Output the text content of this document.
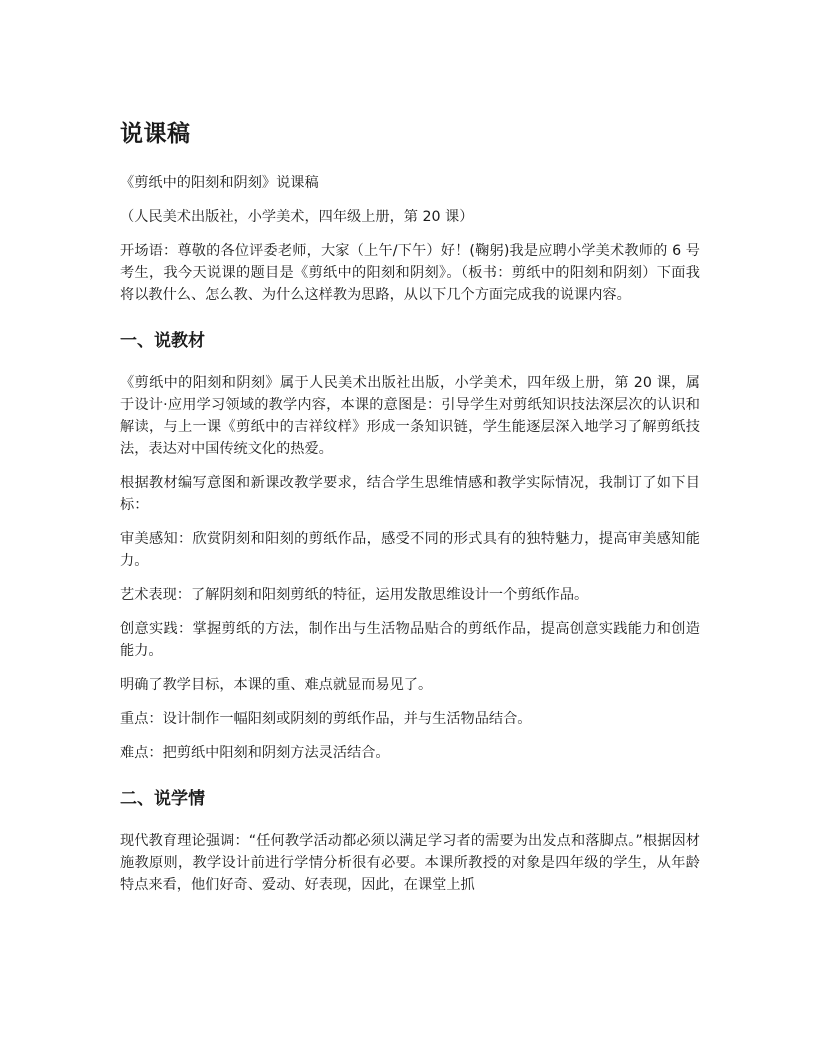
说课稿

《剪纸中的阳刻和阴刻》说课稿

（人民美术出版社，小学美术，四年级上册，第 20 课）

开场语：尊敬的各位评委老师，大家（上午/下午）好！(鞠躬)我是应聘小学美术教师的 6 号考生，我今天说课的题目是《剪纸中的阳刻和阴刻》。（板书：剪纸中的阳刻和阴刻）下面我将以教什么、怎么教、为什么这样教为思路，从以下几个方面完成我的说课内容。

一、说教材

《剪纸中的阳刻和阴刻》属于人民美术出版社出版，小学美术，四年级上册，第 20 课，属于设计·应用学习领域的教学内容，本课的意图是：引导学生对剪纸知识技法深层次的认识和解读，与上一课《剪纸中的吉祥纹样》形成一条知识链，学生能逐层深入地学习了解剪纸技法，表达对中国传统文化的热爱。

根据教材编写意图和新课改教学要求，结合学生思维情感和教学实际情况，我制订了如下目标：

审美感知：欣赏阴刻和阳刻的剪纸作品，感受不同的形式具有的独特魅力，提高审美感知能力。

艺术表现：了解阴刻和阳刻剪纸的特征，运用发散思维设计一个剪纸作品。

创意实践：掌握剪纸的方法，制作出与生活物品贴合的剪纸作品，提高创意实践能力和创造能力。

明确了教学目标，本课的重、难点就显而易见了。

重点：设计制作一幅阳刻或阴刻的剪纸作品，并与生活物品结合。

难点：把剪纸中阳刻和阴刻方法灵活结合。

二、说学情

现代教育理论强调：“任何教学活动都必须以满足学习者的需要为出发点和落脚点。”根据因材施教原则，教学设计前进行学情分析很有必要。本课所教授的对象是四年级的学生，从年龄特点来看，他们好奇、爱动、好表现，因此，在课堂上抓
